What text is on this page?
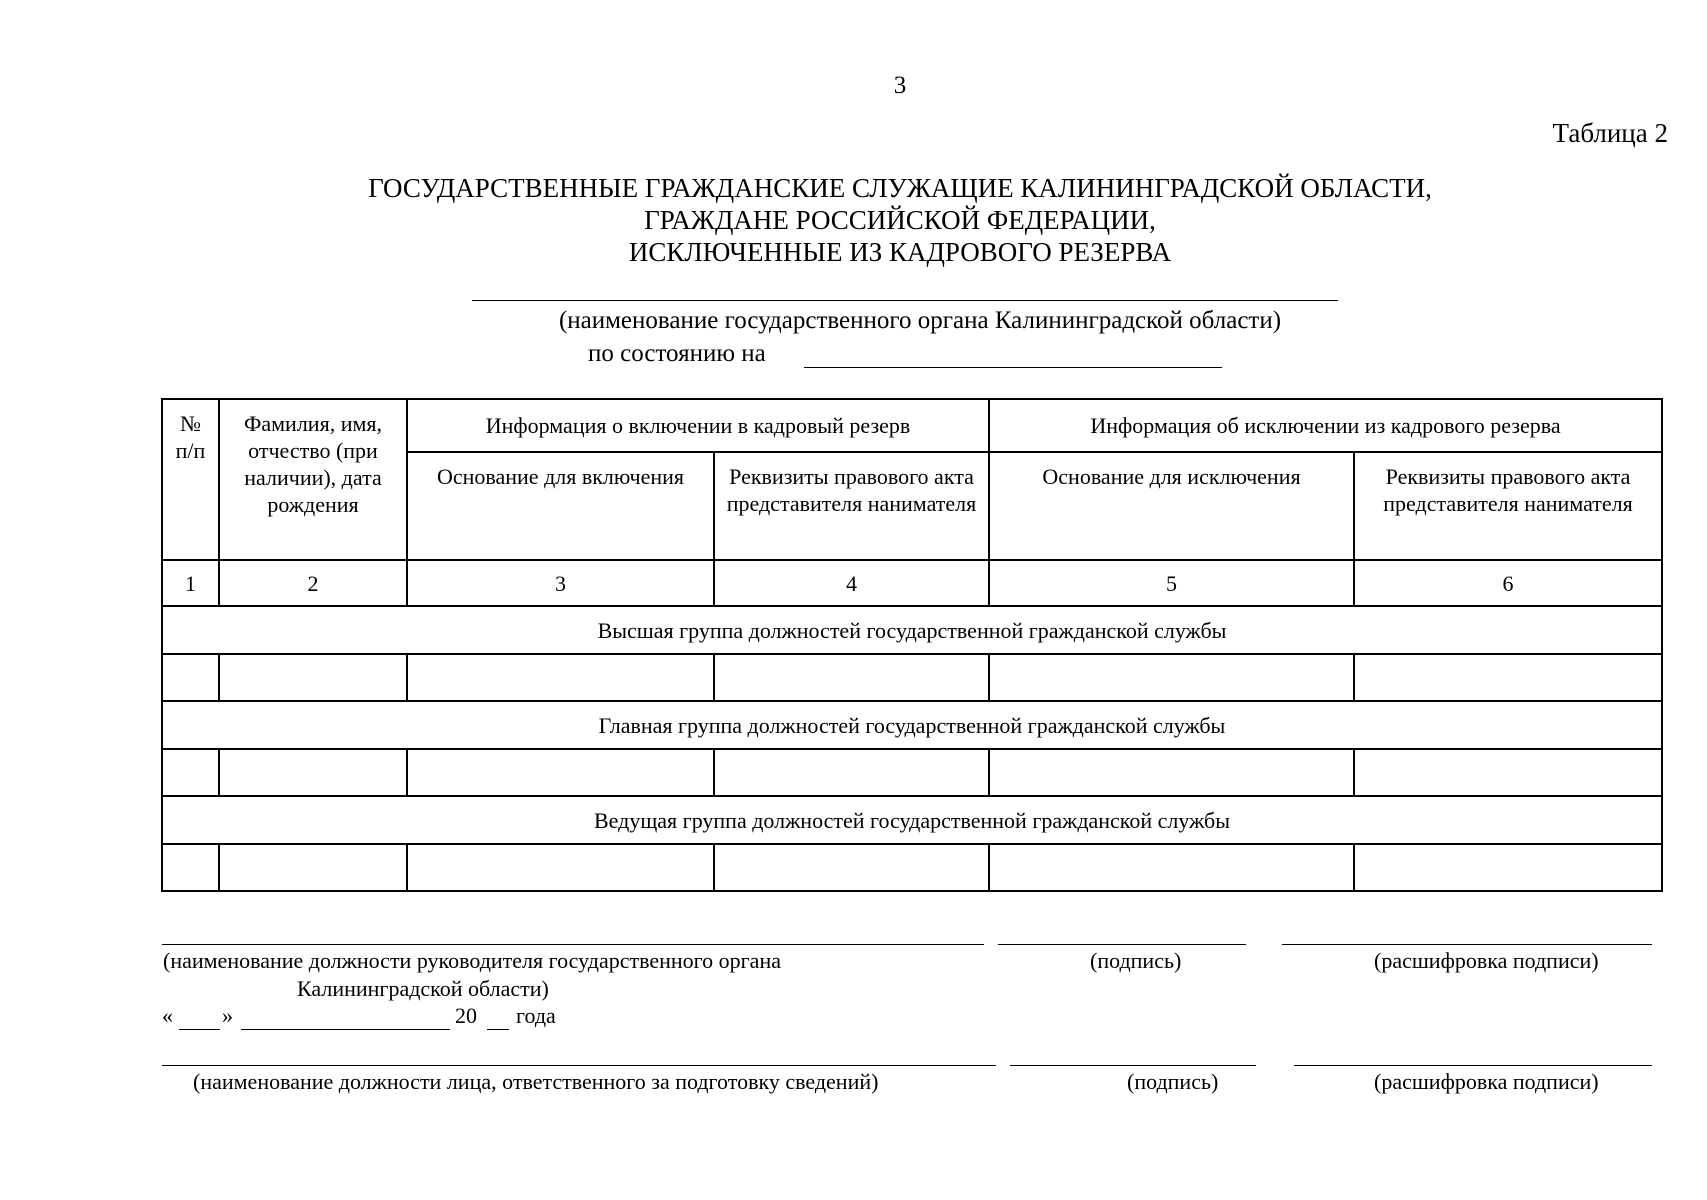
3
Таблица 2
ГОСУДАРСТВЕННЫЕ ГРАЖДАНСКИЕ СЛУЖАЩИЕ КАЛИНИНГРАДСКОЙ ОБЛАСТИ,
ГРАЖДАНЕ РОССИЙСКОЙ ФЕДЕРАЦИИ,
ИСКЛЮЧЕННЫЕ ИЗ КАДРОВОГО РЕЗЕРВА
(наименование государственного органа Калининградской области)
по состоянию на
№ п/п	Фамилия, имя, отчество (при наличии), дата рождения	Информация о включении в кадровый резерв		Информация об исключении из кадрового резерва	
		Основание для включения	Реквизиты правового акта представителя нанимателя	Основание для исключения	Реквизиты правового акта представителя нанимателя
1	2	3	4	5	6
Высшая группа должностей государственной гражданской службы					

Главная группа должностей государственной гражданской службы					

Ведущая группа должностей государственной гражданской службы					

(наименование должности руководителя государственного органа
Калининградской области)
(подпись)	(расшифровка подписи)
« »	20 года
(наименование должности лица, ответственного за подготовку сведений)	(подпись)	(расшифровка подписи)
